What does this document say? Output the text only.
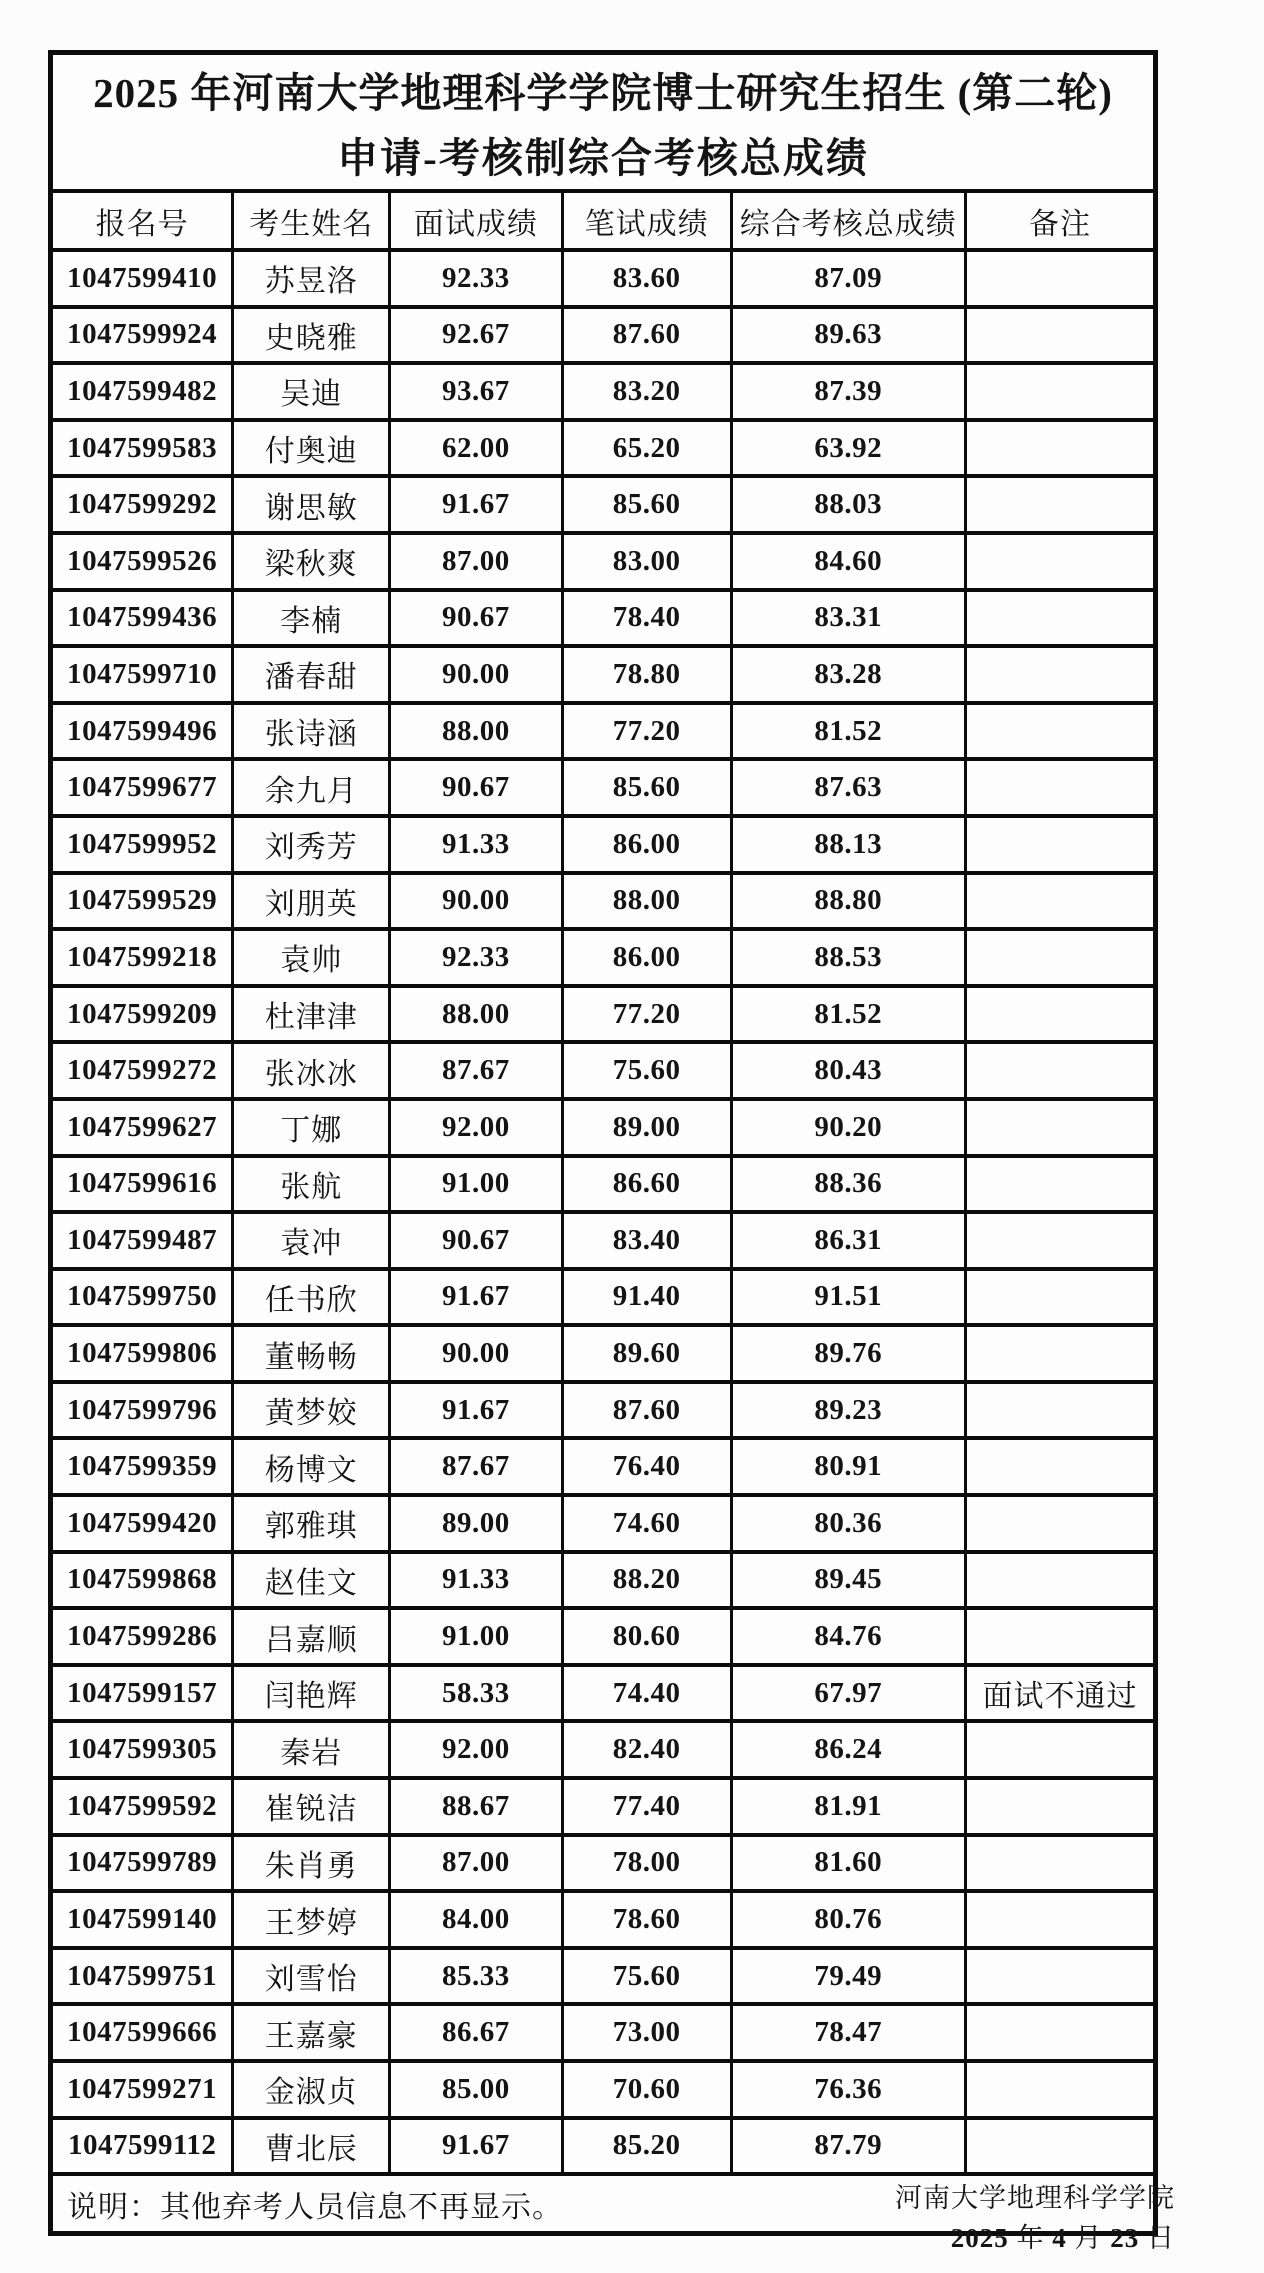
2025 年河南大学地理科学学院博士研究生招生 (第二轮)
申请-考核制综合考核总成绩					

报名号	考生姓名	面试成绩	笔试成绩	综合考核总成绩	备注
1047599410	苏昱洛	92.33	83.60	87.09	
1047599924	史晓雅	92.67	87.60	89.63	
1047599482	吴迪	93.67	83.20	87.39	
1047599583	付奥迪	62.00	65.20	63.92	
1047599292	谢思敏	91.67	85.60	88.03	
1047599526	梁秋爽	87.00	83.00	84.60	
1047599436	李楠	90.67	78.40	83.31	
1047599710	潘春甜	90.00	78.80	83.28	
1047599496	张诗涵	88.00	77.20	81.52	
1047599677	余九月	90.67	85.60	87.63	
1047599952	刘秀芳	91.33	86.00	88.13	
1047599529	刘朋英	90.00	88.00	88.80	
1047599218	袁帅	92.33	86.00	88.53	
1047599209	杜津津	88.00	77.20	81.52	
1047599272	张冰冰	87.67	75.60	80.43	
1047599627	丁娜	92.00	89.00	90.20	
1047599616	张航	91.00	86.60	88.36	
1047599487	袁冲	90.67	83.40	86.31	
1047599750	任书欣	91.67	91.40	91.51	
1047599806	董畅畅	90.00	89.60	89.76	
1047599796	黄梦姣	91.67	87.60	89.23	
1047599359	杨博文	87.67	76.40	80.91	
1047599420	郭雅琪	89.00	74.60	80.36	
1047599868	赵佳文	91.33	88.20	89.45	
1047599286	吕嘉顺	91.00	80.60	84.76	
1047599157	闫艳辉	58.33	74.40	67.97	面试不通过
1047599305	秦岩	92.00	82.40	86.24	
1047599592	崔锐洁	88.67	77.40	81.91	
1047599789	朱肖勇	87.00	78.00	81.60	
1047599140	王梦婷	84.00	78.60	80.76	
1047599751	刘雪怡	85.33	75.60	79.49	
1047599666	王嘉豪	86.67	73.00	78.47	
1047599271	金淑贞	85.00	70.60	76.36	
1047599112	曹北辰	91.67	85.20	87.79	
说明：其他弃考人员信息不再显示。						河南大学地理科学学院
2025 年 4 月 23 日
